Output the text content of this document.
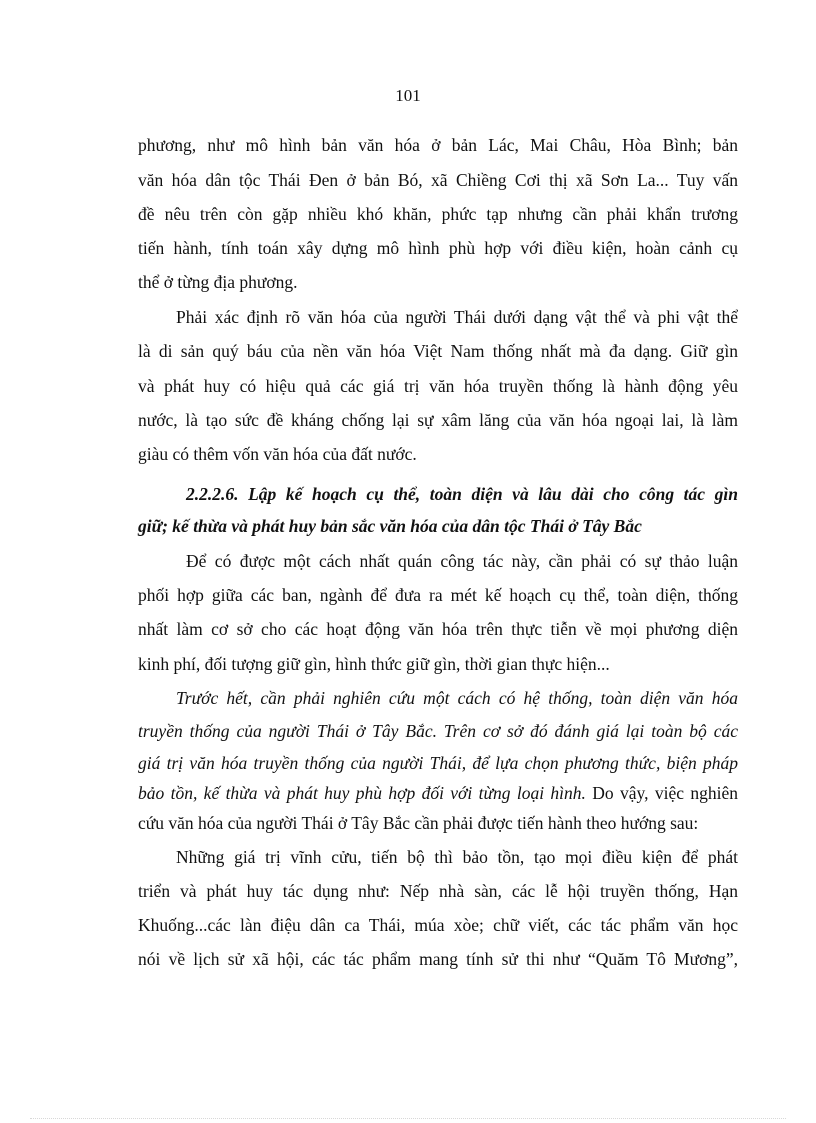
101
phương, như mô hình bản văn hóa ở bản Lác, Mai Châu, Hòa Bình; bản
văn hóa dân tộc Thái Đen ở bản Bó, xã Chiềng Cơi thị xã Sơn La... Tuy vấn
đề nêu trên còn gặp nhiều khó khăn, phức tạp nhưng cần phải khẩn trương
tiến hành, tính toán xây dựng mô hình phù hợp với điều kiện, hoàn cảnh cụ
thể ở từng địa phương.
Phải xác định rõ văn hóa của người Thái dưới dạng vật thể và phi vật thể
là di sản quý báu của nền văn hóa Việt Nam thống nhất mà đa dạng. Giữ gìn
và phát huy có hiệu quả các giá trị văn hóa truyền thống là hành động yêu
nước, là tạo sức đề kháng chống lại sự xâm lăng của văn hóa ngoại lai, là làm
giàu có thêm vốn văn hóa của đất nước.
2.2.2.6. Lập kế hoạch cụ thể, toàn diện và lâu dài cho công tác gìn
giữ; kế thừa và phát huy bản sắc văn hóa của dân tộc Thái ở Tây Bắc
Để có được một cách nhất quán công tác này, cần phải có sự thảo luận
phối hợp giữa các ban, ngành để đưa ra mét kế hoạch cụ thể, toàn diện, thống
nhất làm cơ sở cho các hoạt động văn hóa trên thực tiễn về mọi phương diện
kinh phí, đối tượng giữ gìn, hình thức giữ gìn, thời gian thực hiện...
Trước hết, cần phải nghiên cứu một cách có hệ thống, toàn diện văn hóa
truyền thống của người Thái ở Tây Bắc. Trên cơ sở đó đánh giá lại toàn bộ các
giá trị văn hóa truyền thống của người Thái, để lựa chọn phương thức, biện pháp
bảo tồn, kế thừa và phát huy phù hợp đối với từng loại hình. Do vậy, việc nghiên
cứu văn hóa của người Thái ở Tây Bắc cần phải được tiến hành theo hướng sau:
Những giá trị vĩnh cửu, tiến bộ thì bảo tồn, tạo mọi điều kiện để phát
triển và phát huy tác dụng như: Nếp nhà sàn, các lễ hội truyền thống, Hạn
Khuống...các làn điệu dân ca Thái, múa xòe; chữ viết, các tác phẩm văn học
nói về lịch sử xã hội, các tác phẩm mang tính sử thi như “Quăm Tô Mương”,
